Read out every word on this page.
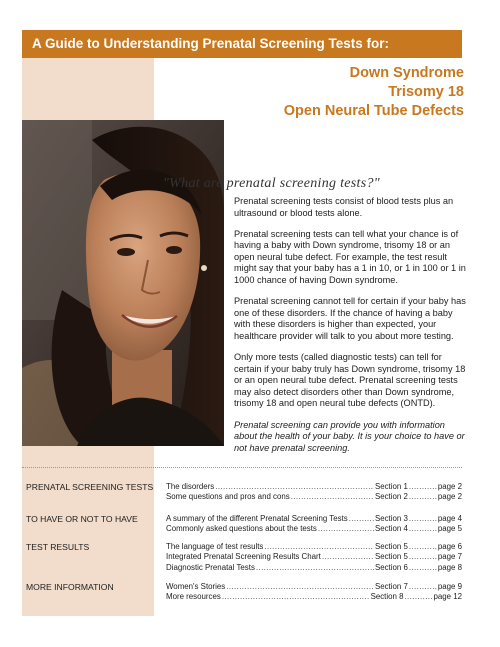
A Guide to Understanding Prenatal Screening Tests for:
Down Syndrome
Trisomy 18
Open Neural Tube Defects
"What are prenatal screening tests?"

Prenatal screening tests consist of blood tests plus an ultrasound or blood tests alone.

Prenatal screening tests can tell what your chance is of having a baby with Down syndrome, trisomy 18 or an open neural tube defect. For example, the test result might say that your baby has a 1 in 10, or 1 in 100 or 1 in 1000 chance of having Down syndrome.

Prenatal screening cannot tell for certain if your baby has one of these disorders. If the chance of having a baby with these disorders is higher than expected, your healthcare provider will talk to you about more testing.

Only more tests (called diagnostic tests) can tell for certain if your baby truly has Down syndrome, trisomy 18 or an open neural tube defect. Prenatal screening tests may also detect disorders other than Down syndrome, trisomy 18 and open neural tube defects (ONTD).

Prenatal screening can provide you with information about the health of your baby. It is your choice to have or not have prenatal screening.

PRENATAL SCREENING TESTS The disorders .....	Section 1 .....	page 2
Some questions and pros and cons .....	Section 2 .....	page 2
TO HAVE OR NOT TO HAVE	A summary of the different Prenatal Screening Tests .....	Section 3 .....	page 4
Commonly asked questions about the tests .....	Section 4 .....	page 5
TEST RESULTS	The language of test results .....	Section 5 .....	page 6
Integrated Prenatal Screening Results Chart .....	Section 5 .....	page 7
Diagnostic Prenatal Tests .....	Section 6 .....	page 8
MORE INFORMATION	Women's Stories .....	Section 7 .....	page 9
More resources .....	Section 8 .....	page 12
